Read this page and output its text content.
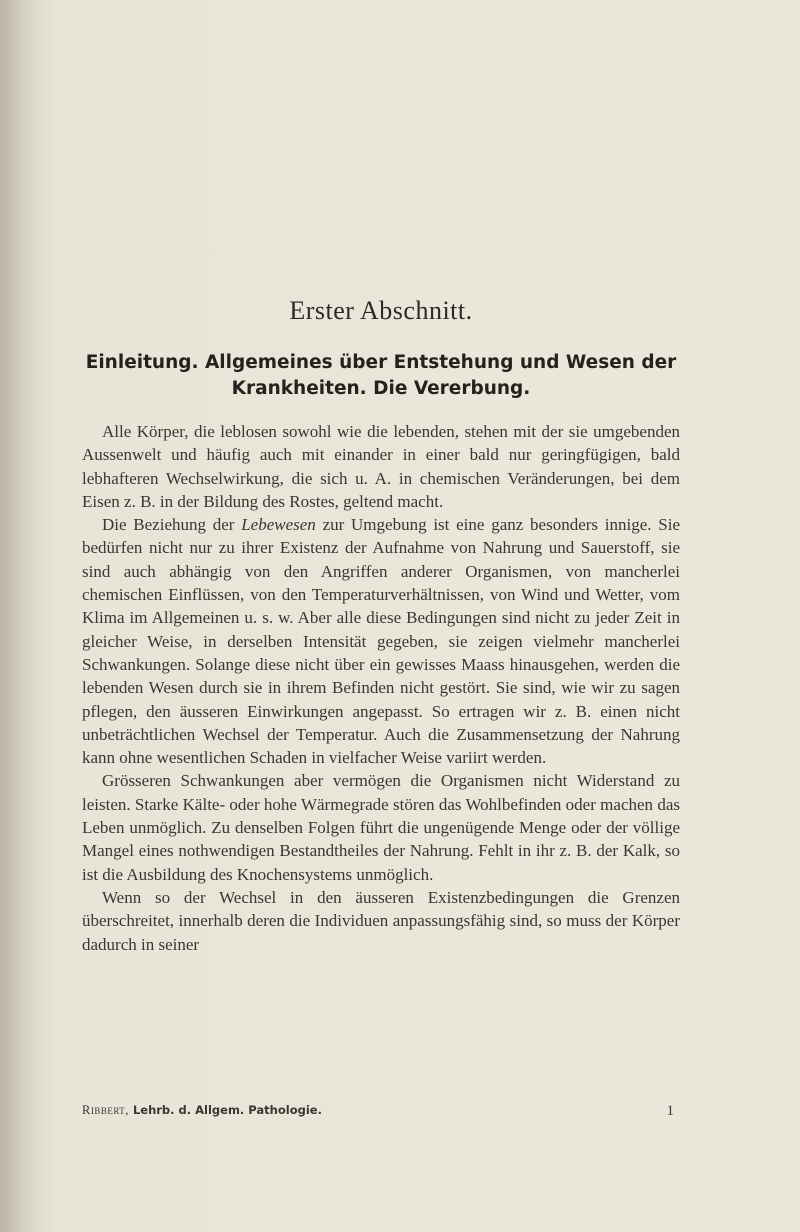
Erster Abschnitt.
Einleitung. Allgemeines über Entstehung und Wesen der
Krankheiten. Die Vererbung.

Alle Körper, die leblosen sowohl wie die lebenden, stehen mit der sie umgebenden Aussenwelt und häufig auch mit einander in einer bald nur geringfügigen, bald lebhafteren Wechselwirkung, die sich u. A. in chemischen Veränderungen, bei dem Eisen z. B. in der Bildung des Rostes, geltend macht.

Die Beziehung der Lebewesen zur Umgebung ist eine ganz besonders innige. Sie bedürfen nicht nur zu ihrer Existenz der Aufnahme von Nahrung und Sauerstoff, sie sind auch abhängig von den Angriffen anderer Organismen, von mancherlei chemischen Einflüssen, von den Temperaturverhältnissen, von Wind und Wetter, vom Klima im Allgemeinen u. s. w. Aber alle diese Bedingungen sind nicht zu jeder Zeit in gleicher Weise, in derselben Intensität gegeben, sie zeigen vielmehr mancherlei Schwankungen. Solange diese nicht über ein gewisses Maass hinausgehen, werden die lebenden Wesen durch sie in ihrem Befinden nicht gestört. Sie sind, wie wir zu sagen pflegen, den äusseren Einwirkungen angepasst. So ertragen wir z. B. einen nicht unbeträchtlichen Wechsel der Temperatur. Auch die Zusammensetzung der Nahrung kann ohne wesentlichen Schaden in vielfacher Weise variirt werden.

Grösseren Schwankungen aber vermögen die Organismen nicht Widerstand zu leisten. Starke Kälte- oder hohe Wärmegrade stören das Wohlbefinden oder machen das Leben unmöglich. Zu denselben Folgen führt die ungenügende Menge oder der völlige Mangel eines nothwendigen Bestandtheiles der Nahrung. Fehlt in ihr z. B. der Kalk, so ist die Ausbildung des Knochensystems unmöglich.

Wenn so der Wechsel in den äusseren Existenzbedingungen die Grenzen überschreitet, innerhalb deren die Individuen anpassungsfähig sind, so muss der Körper dadurch in seiner

Ribbert, Lehrb. d. Allgem. Pathologie.	1
